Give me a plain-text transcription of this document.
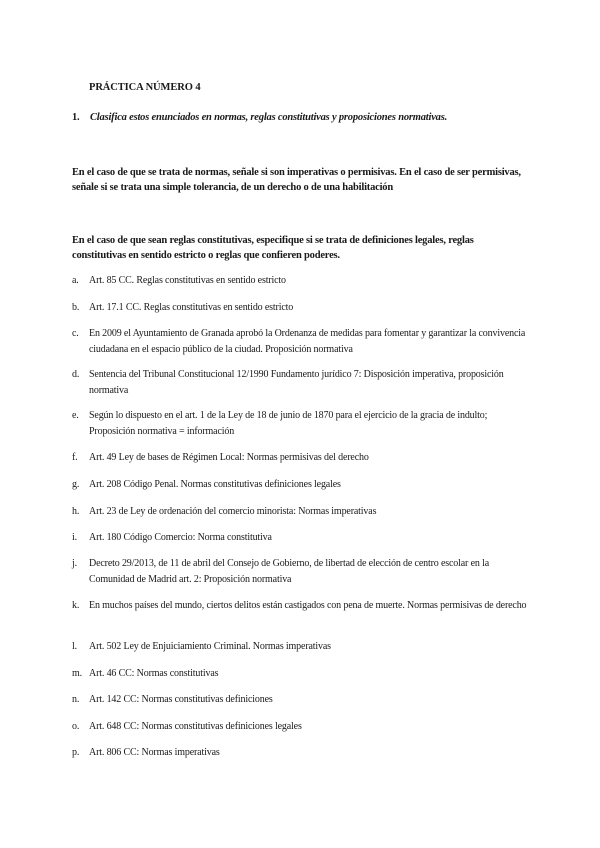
PRÁCTICA NÚMERO 4
1. Clasifica estos enunciados en normas, reglas constitutivas y proposiciones normativas.
En el caso de que se trata de normas, señale si son imperativas o permisivas. En el caso de ser permisivas, señale si se trata una simple tolerancia, de un derecho o de una habilitación
En el caso de que sean reglas constitutivas, especifique si se trata de definiciones legales, reglas constitutivas en sentido estricto o reglas que confieren poderes.
a.	Art. 85 CC. Reglas constitutivas en sentido estricto
b. Art. 17.1 CC. Reglas constitutivas en sentido estricto
c.	En 2009 el Ayuntamiento de Granada aprobó la Ordenanza de medidas para fomentar y garantizar la convivencia ciudadana en el espacio público de la ciudad. Proposición normativa
d. Sentencia del Tribunal Constitucional 12/1990 Fundamento jurídico 7: Disposición imperativa, proposición normativa
e.	Según lo dispuesto en el art. 1 de la Ley de 18 de junio de 1870 para el ejercicio de la gracia de indulto; Proposición normativa = información
f.	Art. 49 Ley de bases de Régimen Local: Normas permisivas del derecho
g. Art. 208 Código Penal. Normas constitutivas definiciones legales
h. Art. 23 de Ley de ordenación del comercio minorista: Normas imperativas
i.	Art. 180 Código Comercio: Norma constitutiva
j.	Decreto 29/2013, de 11 de abril del Consejo de Gobierno, de libertad de elección de centro escolar en la Comunidad de Madrid art. 2: Proposición normativa
k. En muchos países del mundo, ciertos delitos están castigados con pena de muerte. Normas permisivas de derecho
l.	Art. 502 Ley de Enjuiciamiento Criminal. Normas imperativas
m. Art. 46 CC: Normas constitutivas
n. Art. 142 CC: Normas constitutivas definiciones
o. Art. 648 CC: Normas constitutivas definiciones legales
p. Art. 806 CC: Normas imperativas
